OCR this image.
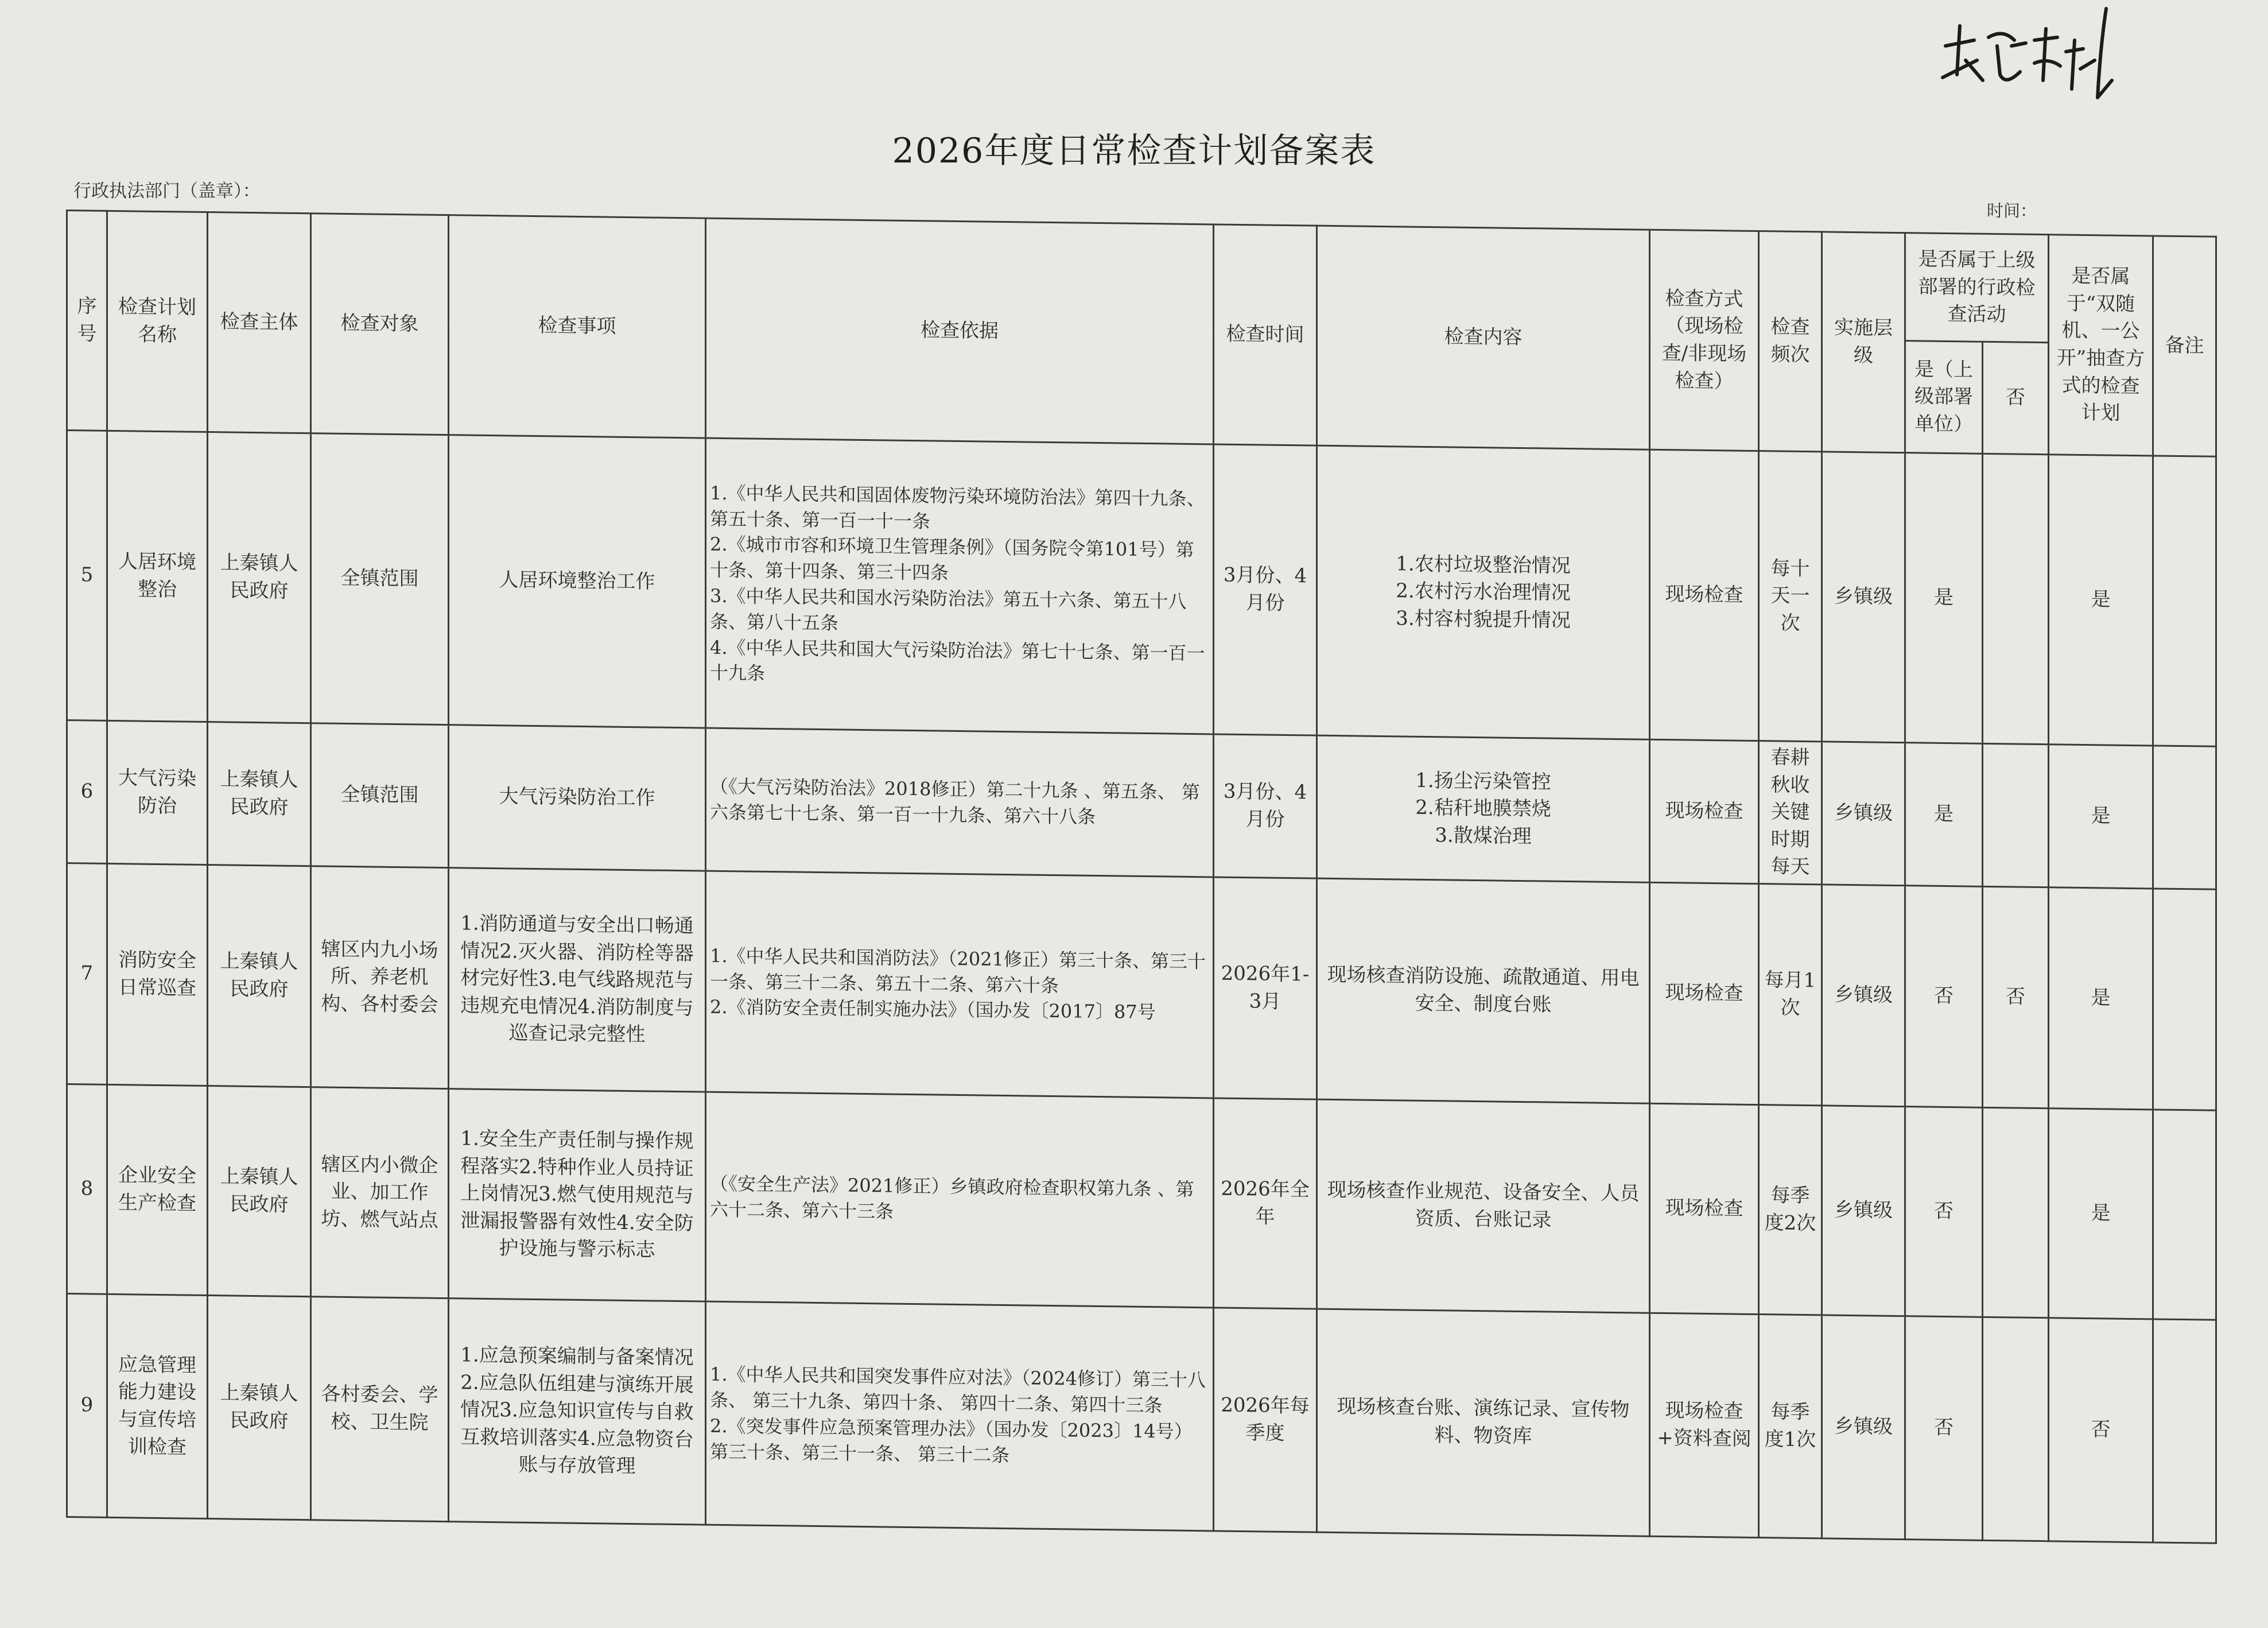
2026年度日常检查计划备案表
行政执法部门（盖章）：
时间：
序号	检查计划名称	检查主体	检查对象	检查事项	检查依据	检查时间	检查内容	检查方式（现场检查/非现场检查）	检查频次	实施层级	是否属于上级部署的行政检查活动		是否属于“双随机、一公开”抽查方式的检查计划	备注
											是（上级部署单位）	否		
5	人居环境整治	上秦镇人民政府	全镇范围	人居环境整治工作	1.《中华人民共和国固体废物污染环境防治法》第四十九条、第五十条、第一百一十一条
2.《城市市容和环境卫生管理条例》（国务院令第101号）第十条、第十四条、第三十四条
3.《中华人民共和国水污染防治法》第五十六条、第五十八条、第八十五条
4.《中华人民共和国大气污染防治法》第七十七条、第一百一十九条	3月份、4月份	1.农村垃圾整治情况
2.农村污水治理情况
3.村容村貌提升情况	现场检查	每十天一次	乡镇级	是		是	
6	大气污染防治	上秦镇人民政府	全镇范围	大气污染防治工作	（《大气污染防治法》2018修正）第二十九条 、第五条、 第六条第七十七条、第一百一十九条、第六十八条	3月份、4月份	1.扬尘污染管控
2.秸秆地膜禁烧
3.散煤治理	现场检查	春耕秋收关键时期每天	乡镇级	是		是	
7	消防安全日常巡查	上秦镇人民政府	辖区内九小场所、养老机构、各村委会	1.消防通道与安全出口畅通情况2.灭火器、消防栓等器材完好性3.电气线路规范与违规充电情况4.消防制度与巡查记录完整性	1.《中华人民共和国消防法》（2021修正）第三十条、第三十一条、第三十二条、第五十二条、第六十条
2.《消防安全责任制实施办法》（国办发〔2017〕87号	2026年1-3月	现场核查消防设施、疏散通道、用电安全、制度台账	现场检查	每月1次	乡镇级	否	否	是	
8	企业安全生产检查	上秦镇人民政府	辖区内小微企业、加工作坊、燃气站点	1.安全生产责任制与操作规程落实2.特种作业人员持证上岗情况3.燃气使用规范与泄漏报警器有效性4.安全防护设施与警示标志	（《安全生产法》2021修正）乡镇政府检查职权第九条 、第六十二条、第六十三条	2026年全年	现场核查作业规范、设备安全、人员资质、台账记录	现场检查	每季度2次	乡镇级	否		是	
9	应急管理能力建设与宣传培训检查	上秦镇人民政府	各村委会、学校、卫生院	1.应急预案编制与备案情况2.应急队伍组建与演练开展情况3.应急知识宣传与自救互救培训落实4.应急物资台账与存放管理	1.《中华人民共和国突发事件应对法》（2024修订）第三十八条、 第三十九条、第四十条、 第四十二条、第四十三条
2.《突发事件应急预案管理办法》（国办发〔2023〕14号）第三十条、第三十一条、 第三十二条	2026年每季度	现场核查台账、演练记录、宣传物料、物资库	现场检查+资料查阅	每季度1次	乡镇级	否		否	
